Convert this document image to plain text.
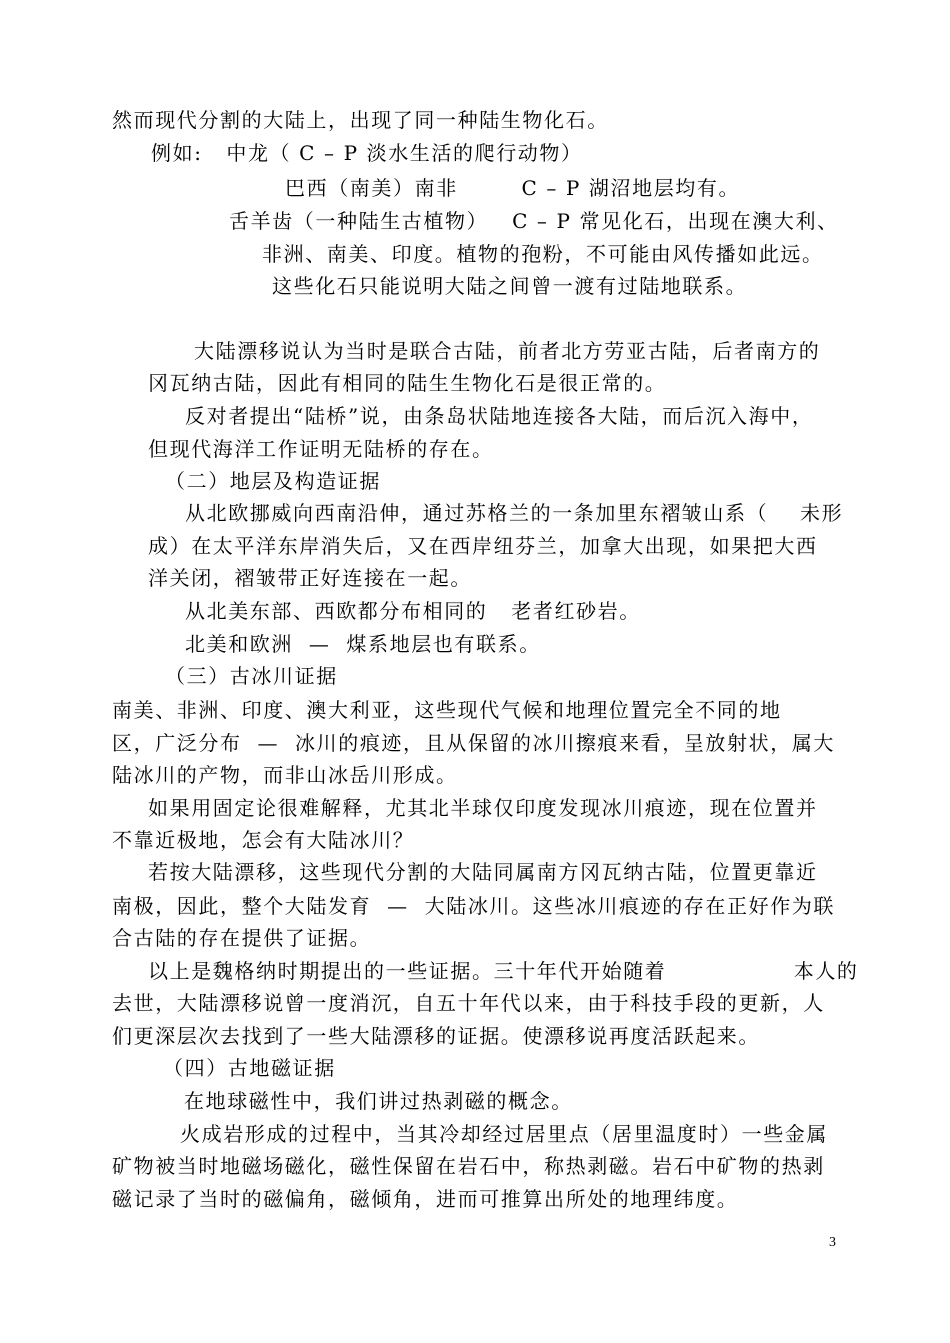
然而现代分割的大陆上，出现了同一种陆生物化石。
例如:   中龙（ C – P 淡水生活的爬行动物）
巴西（南美）南非        C – P 湖沼地层均有。
舌羊齿（一种陆生古植物）   C – P 常见化石，出现在澳大利、
非洲、南美、印度。植物的孢粉，不可能由风传播如此远。
这些化石只能说明大陆之间曾一渡有过陆地联系。
大陆漂移说认为当时是联合古陆，前者北方劳亚古陆，后者南方的
冈瓦纳古陆，因此有相同的陆生生物化石是很正常的。
反对者提出“陆桥”说，由条岛状陆地连接各大陆，而后沉入海中，
但现代海洋工作证明无陆桥的存在。
（二）地层及构造证据
从北欧挪威向西南沿伸，通过苏格兰的一条加里东褶皱山系（    未形
成）在太平洋东岸消失后，又在西岸纽芬兰，加拿大出现，如果把大西
洋关闭，褶皱带正好连接在一起。
从北美东部、西欧都分布相同的   老者红砂岩。
北美和欧洲  —  煤系地层也有联系。
（三）古冰川证据
南美、非洲、印度、澳大利亚，这些现代气候和地理位置完全不同的地
区，广泛分布  —  冰川的痕迹，且从保留的冰川擦痕来看，呈放射状，属大
陆冰川的产物，而非山冰岳川形成。
如果用固定论很难解释，尤其北半球仅印度发现冰川痕迹，现在位置并
不靠近极地，怎会有大陆冰川？
若按大陆漂移，这些现代分割的大陆同属南方冈瓦纳古陆，位置更靠近
南极，因此，整个大陆发育  —  大陆冰川。这些冰川痕迹的存在正好作为联
合古陆的存在提供了证据。
以上是魏格纳时期提出的一些证据。三十年代开始随着                本人的
去世，大陆漂移说曾一度消沉，自五十年代以来，由于科技手段的更新，人
们更深层次去找到了一些大陆漂移的证据。使漂移说再度活跃起来。
（四）古地磁证据
在地球磁性中，我们讲过热剥磁的概念。
火成岩形成的过程中，当其冷却经过居里点（居里温度时）一些金属
矿物被当时地磁场磁化，磁性保留在岩石中，称热剥磁。岩石中矿物的热剥
磁记录了当时的磁偏角，磁倾角，进而可推算出所处的地理纬度。
3
